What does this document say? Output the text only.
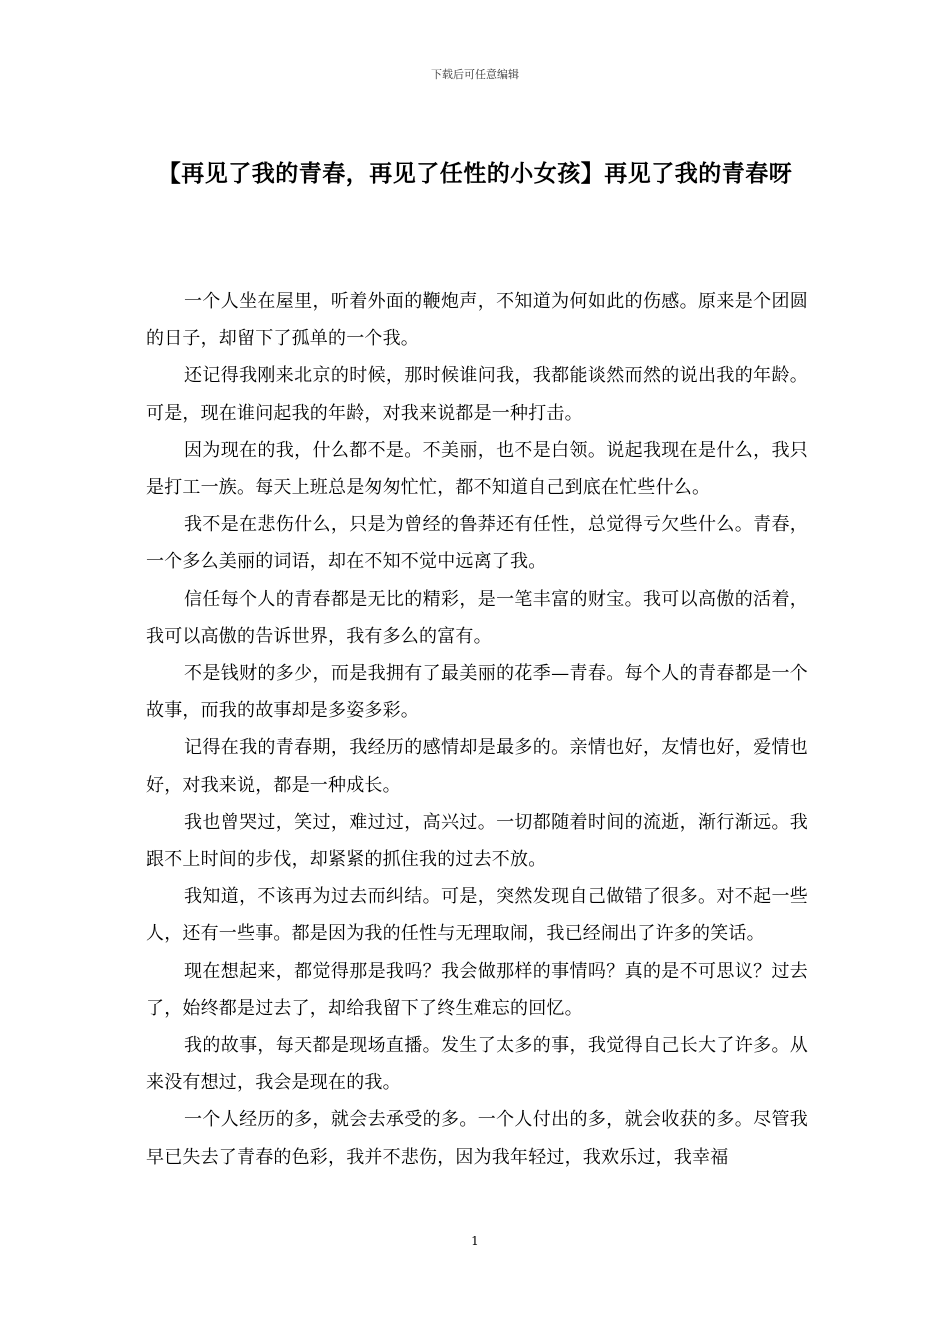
下载后可任意编辑
【再见了我的青春，再见了任性的小女孩】再见了我的青春呀

一个人坐在屋里，听着外面的鞭炮声，不知道为何如此的伤感。原来是个团圆的日子，却留下了孤单的一个我。

还记得我刚来北京的时候，那时候谁问我，我都能谈然而然的说出我的年龄。可是，现在谁问起我的年龄，对我来说都是一种打击。

因为现在的我，什么都不是。不美丽，也不是白领。说起我现在是什么，我只是打工一族。每天上班总是匆匆忙忙，都不知道自己到底在忙些什么。

我不是在悲伤什么，只是为曾经的鲁莽还有任性，总觉得亏欠些什么。青春，一个多么美丽的词语，却在不知不觉中远离了我。

信任每个人的青春都是无比的精彩，是一笔丰富的财宝。我可以高傲的活着，我可以高傲的告诉世界，我有多么的富有。

不是钱财的多少，而是我拥有了最美丽的花季—青春。每个人的青春都是一个故事，而我的故事却是多姿多彩。

记得在我的青春期，我经历的感情却是最多的。亲情也好，友情也好，爱情也好，对我来说，都是一种成长。

我也曾哭过，笑过，难过过，高兴过。一切都随着时间的流逝，渐行渐远。我跟不上时间的步伐，却紧紧的抓住我的过去不放。

我知道，不该再为过去而纠结。可是，突然发现自己做错了很多。对不起一些人，还有一些事。都是因为我的任性与无理取闹，我已经闹出了许多的笑话。

现在想起来，都觉得那是我吗？我会做那样的事情吗？真的是不可思议？过去了，始终都是过去了，却给我留下了终生难忘的回忆。

我的故事，每天都是现场直播。发生了太多的事，我觉得自己长大了许多。从来没有想过，我会是现在的我。

一个人经历的多，就会去承受的多。一个人付出的多，就会收获的多。尽管我早已失去了青春的色彩，我并不悲伤，因为我年轻过，我欢乐过，我幸福

1
